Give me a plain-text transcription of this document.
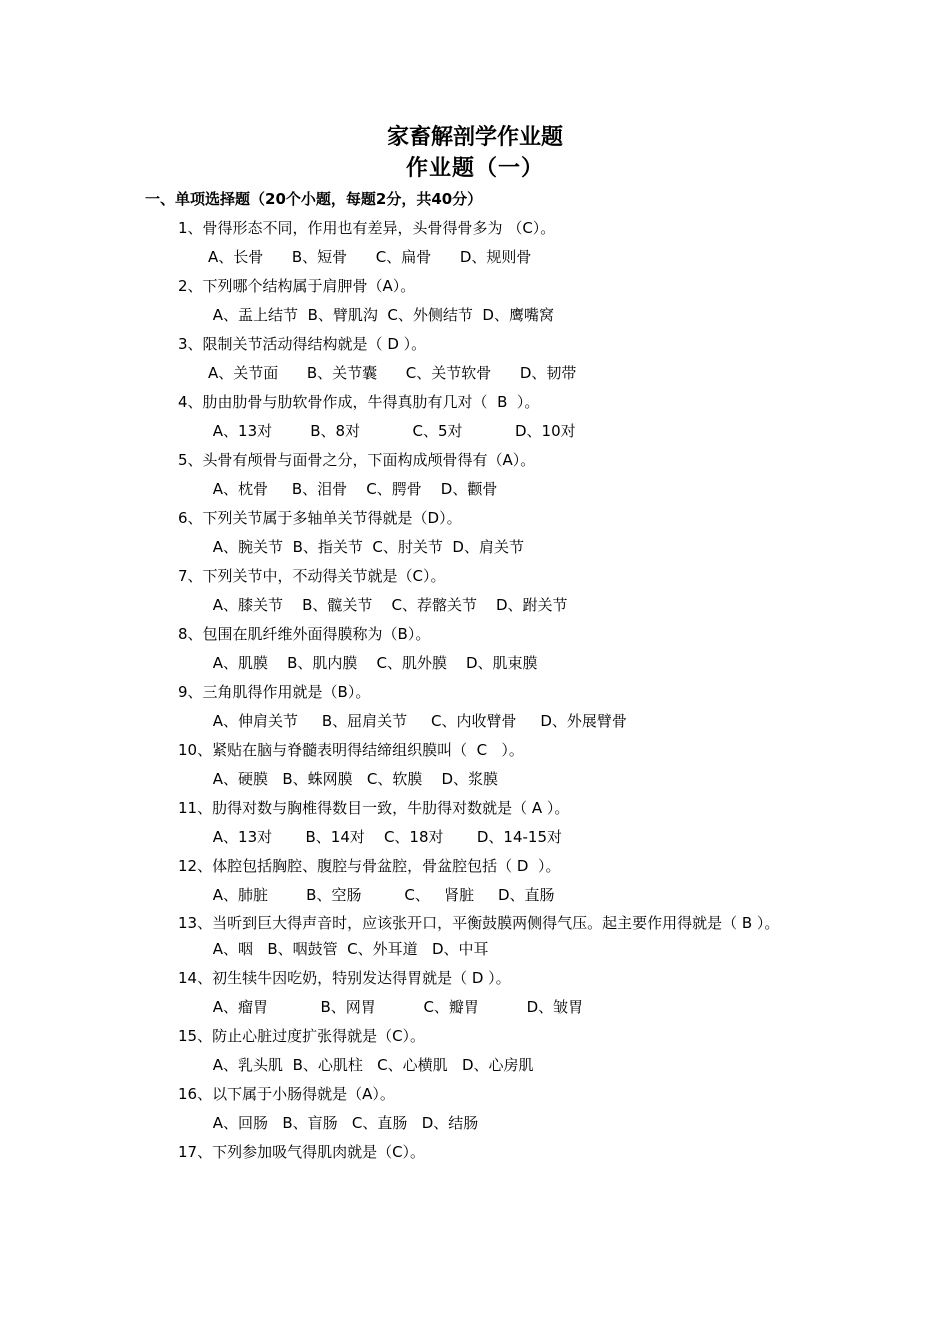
家畜解剖学作业题
作业题（一）
一、单项选择题（20个小题，每题2分，共40分）

1、骨得形态不同，作用也有差异，头骨得骨多为 （C）。

A、长骨      B、短骨      C、扁骨      D、规则骨

2、下列哪个结构属于肩胛骨（A）。

A、盂上结节  B、臂肌沟  C、外侧结节  D、鹰嘴窝

3、限制关节活动得结构就是（ D ）。

A、关节面      B、关节囊      C、关节软骨      D、韧带

4、肋由肋骨与肋软骨作成，牛得真肋有几对（  B  ）。

A、13对        B、8对           C、5对           D、10对

5、头骨有颅骨与面骨之分，下面构成颅骨得有（A）。

A、枕骨     B、泪骨    C、腭骨    D、颧骨

6、下列关节属于多轴单关节得就是（D）。

A、腕关节  B、指关节  C、肘关节  D、肩关节

7、下列关节中，不动得关节就是（C）。

A、膝关节    B、髋关节    C、荐髂关节    D、跗关节

8、包围在肌纤维外面得膜称为（B）。

A、肌膜    B、肌内膜    C、肌外膜    D、肌束膜

9、三角肌得作用就是（B）。

A、伸肩关节     B、屈肩关节     C、内收臂骨     D、外展臂骨

10、紧贴在脑与脊髓表明得结缔组织膜叫（  C   ）。

A、硬膜   B、蛛网膜   C、软膜    D、浆膜

11、肋得对数与胸椎得数目一致，牛肋得对数就是（ A ）。

A、13对       B、14对    C、18对       D、14-15对

12、体腔包括胸腔、腹腔与骨盆腔，骨盆腔包括（ D  ）。

A、肺脏        B、空肠         C、   肾脏     D、直肠

13、当听到巨大得声音时，应该张开口，平衡鼓膜两侧得气压。起主要作用得就是（ B ）。

A、咽   B、咽鼓管  C、外耳道   D、中耳

14、初生犊牛因吃奶，特别发达得胃就是（ D ）。

A、瘤胃           B、网胃          C、瓣胃          D、皱胃

15、防止心脏过度扩张得就是（C）。

A、乳头肌  B、心肌柱   C、心横肌   D、心房肌

16、以下属于小肠得就是（A）。

A、回肠   B、盲肠   C、直肠   D、结肠

17、下列参加吸气得肌肉就是（C）。
